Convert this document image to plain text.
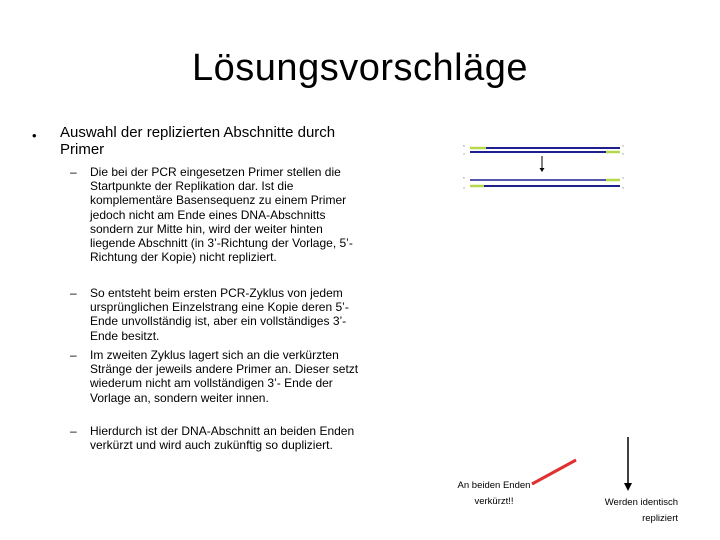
Lösungsvorschläge
• Auswahl der replizierten Abschnitte durch Primer
– Die bei der PCR eingesetzen Primer stellen die Startpunkte der Replikation dar. Ist die komplementäre Basensequenz zu einem Primer jedoch nicht am Ende eines DNA-Abschnitts sondern zur Mitte hin, wird der weiter hinten liegende Abschnitt (in 3’-Richtung der Vorlage, 5’-Richtung der Kopie) nicht repliziert.
– So entsteht beim ersten PCR-Zyklus von jedem ursprünglichen Einzelstrang eine Kopie deren 5’-Ende unvollständig ist, aber ein vollständiges 3’-Ende besitzt.
– Im zweiten Zyklus lagert sich an die verkürzten Stränge der jeweils andere Primer an. Dieser setzt wiederum nicht am vollständigen 3’- Ende der Vorlage an, sondern weiter innen.
– Hierdurch ist der DNA-Abschnitt an beiden Enden verkürzt und wird auch zukünftig so dupliziert.
5’
3’
5’
3’
3’
5’
3’
5’
An beiden Enden verkürzt!!	Werden identisch repliziert
